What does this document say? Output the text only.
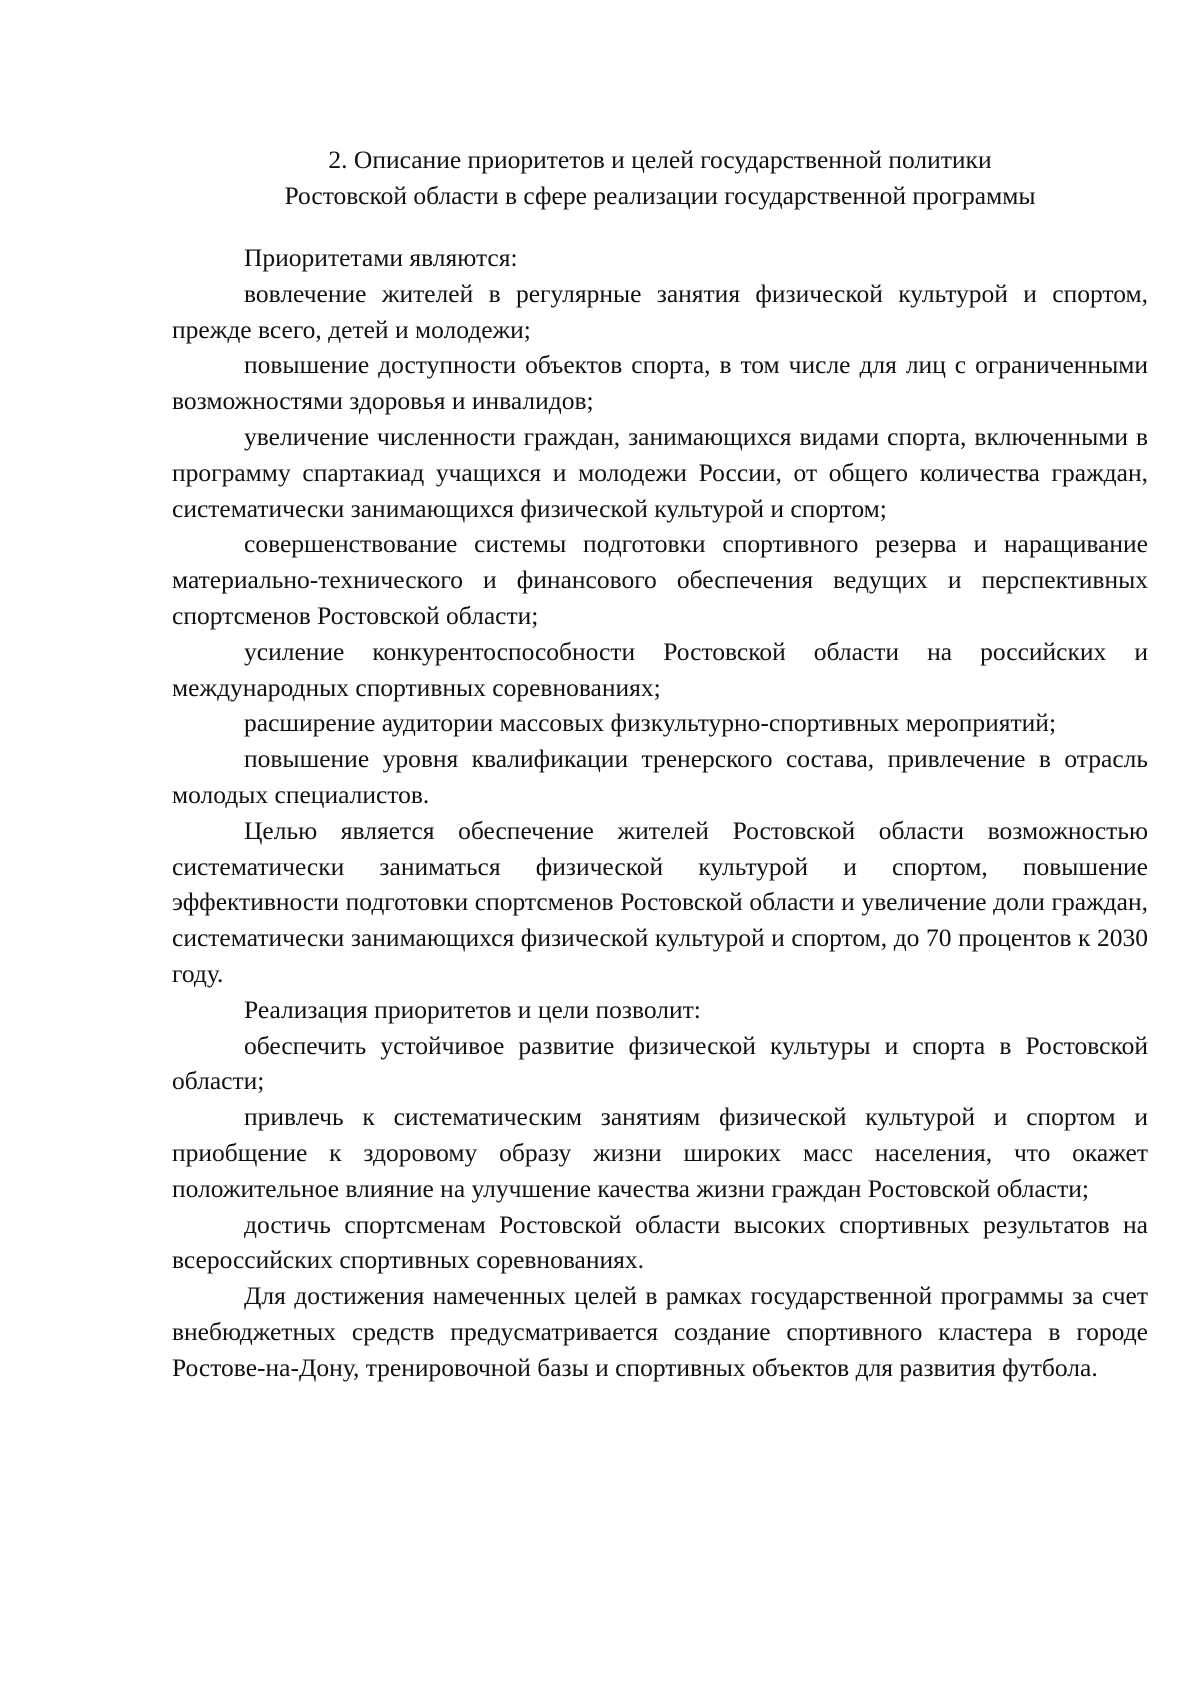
2. Описание приоритетов и целей государственной политики
Ростовской области в сфере реализации государственной программы

Приоритетами являются:

вовлечение жителей в регулярные занятия физической культурой и спортом, прежде всего, детей и молодежи;

повышение доступности объектов спорта, в том числе для лиц с ограниченными возможностями здоровья и инвалидов;

увеличение численности граждан, занимающихся видами спорта, включенными в программу спартакиад учащихся и молодежи России, от общего количества граждан, систематически занимающихся физической культурой и спортом;

совершенствование системы подготовки спортивного резерва и наращивание материально-технического и финансового обеспечения ведущих и перспективных спортсменов Ростовской области;

усиление конкурентоспособности Ростовской области на российских и международных спортивных соревнованиях;

расширение аудитории массовых физкультурно-спортивных мероприятий;

повышение уровня квалификации тренерского состава, привлечение в отрасль молодых специалистов.

Целью является обеспечение жителей Ростовской области возможностью систематически заниматься физической культурой и спортом, повышение эффективности подготовки спортсменов Ростовской области и увеличение доли граждан, систематически занимающихся физической культурой и спортом, до 70 процентов к 2030 году.

Реализация приоритетов и цели позволит:

обеспечить устойчивое развитие физической культуры и спорта в Ростовской области;

привлечь к систематическим занятиям физической культурой и спортом и приобщение к здоровому образу жизни широких масс населения, что окажет положительное влияние на улучшение качества жизни граждан Ростовской области;

достичь спортсменам Ростовской области высоких спортивных результатов на всероссийских спортивных соревнованиях.

Для достижения намеченных целей в рамках государственной программы за счет внебюджетных средств предусматривается создание спортивного кластера в городе Ростове-на-Дону, тренировочной базы и спортивных объектов для развития футбола.
